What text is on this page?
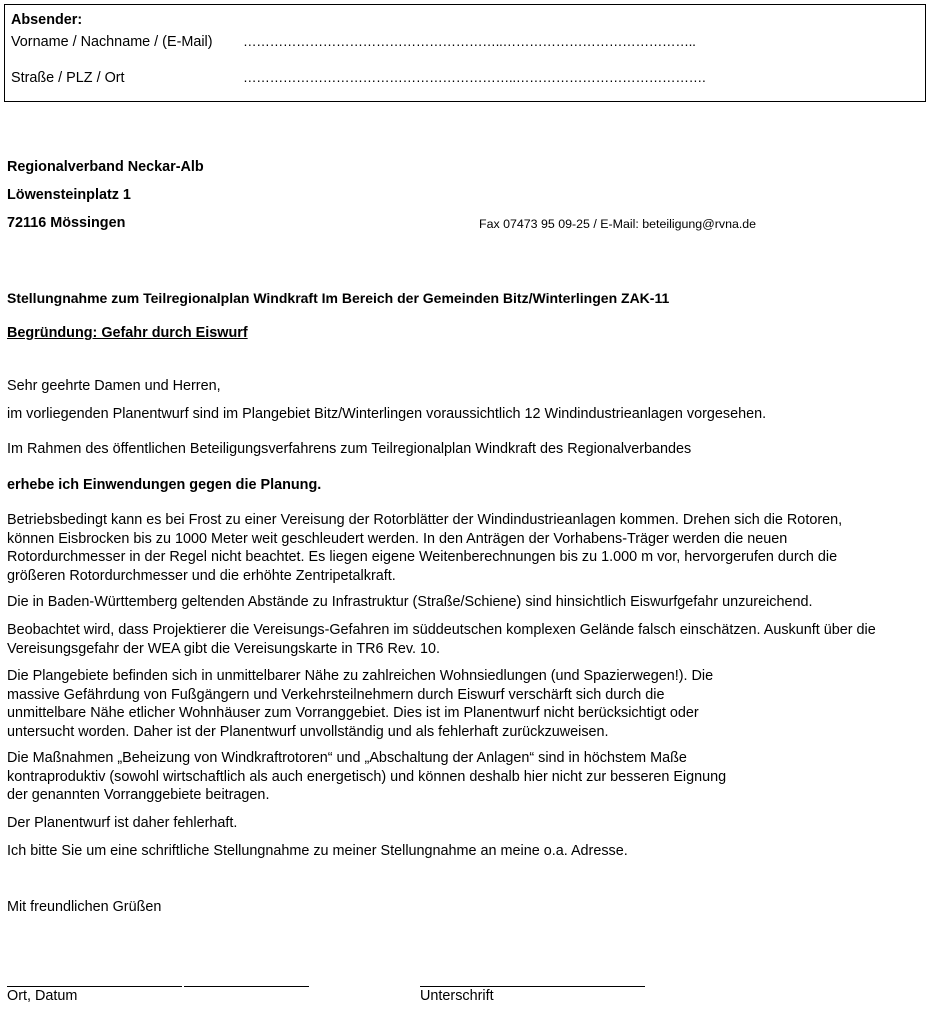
Absender:
Vorname / Nachname / (E-Mail) …………………………………………………..……………………………………..
Straße / PLZ / Ort	……………………………………………………..…………………………………….
Regionalverband Neckar-Alb
Löwensteinplatz 1
72116 Mössingen	Fax 07473 95 09-25 / E-Mail: beteiligung@rvna.de
Stellungnahme zum Teilregionalplan Windkraft Im Bereich der Gemeinden Bitz/Winterlingen ZAK-11
Begründung: Gefahr durch Eiswurf
Sehr geehrte Damen und Herren,
im vorliegenden Planentwurf sind im Plangebiet Bitz/Winterlingen voraussichtlich 12 Windindustrieanlagen vorgesehen.
Im Rahmen des öffentlichen Beteiligungsverfahrens zum Teilregionalplan Windkraft des Regionalverbandes
erhebe ich Einwendungen gegen die Planung.
Betriebsbedingt kann es bei Frost zu einer Vereisung der Rotorblätter der Windindustrieanlagen kommen. Drehen sich die Rotoren,
können Eisbrocken bis zu 1000 Meter weit geschleudert werden. In den Anträgen der Vorhabens-Träger werden die neuen
Rotordurchmesser in der Regel nicht beachtet. Es liegen eigene Weitenberechnungen bis zu 1.000 m vor, hervorgerufen durch die
größeren Rotordurchmesser und die erhöhte Zentripetalkraft.
Die in Baden-Württemberg geltenden Abstände zu Infrastruktur (Straße/Schiene) sind hinsichtlich Eiswurfgefahr unzureichend.
Beobachtet wird, dass Projektierer die Vereisungs-Gefahren im süddeutschen komplexen Gelände falsch einschätzen. Auskunft über die
Vereisungsgefahr der WEA gibt die Vereisungskarte in TR6 Rev. 10.
Die Plangebiete befinden sich in unmittelbarer Nähe zu zahlreichen Wohnsiedlungen (und Spazierwegen!). Die
massive Gefährdung von Fußgängern und Verkehrsteilnehmern durch Eiswurf verschärft sich durch die
unmittelbare Nähe etlicher Wohnhäuser zum Vorranggebiet. Dies ist im Planentwurf nicht berücksichtigt oder
untersucht worden. Daher ist der Planentwurf unvollständig und als fehlerhaft zurückzuweisen.
Die Maßnahmen „Beheizung von Windkraftrotoren“ und „Abschaltung der Anlagen“ sind in höchstem Maße
kontraproduktiv (sowohl wirtschaftlich als auch energetisch) und können deshalb hier nicht zur besseren Eignung
der genannten Vorranggebiete beitragen.
Der Planentwurf ist daher fehlerhaft.
Ich bitte Sie um eine schriftliche Stellungnahme zu meiner Stellungnahme an meine o.a. Adresse.
Mit freundlichen Grüßen
Ort, Datum	Unterschrift
